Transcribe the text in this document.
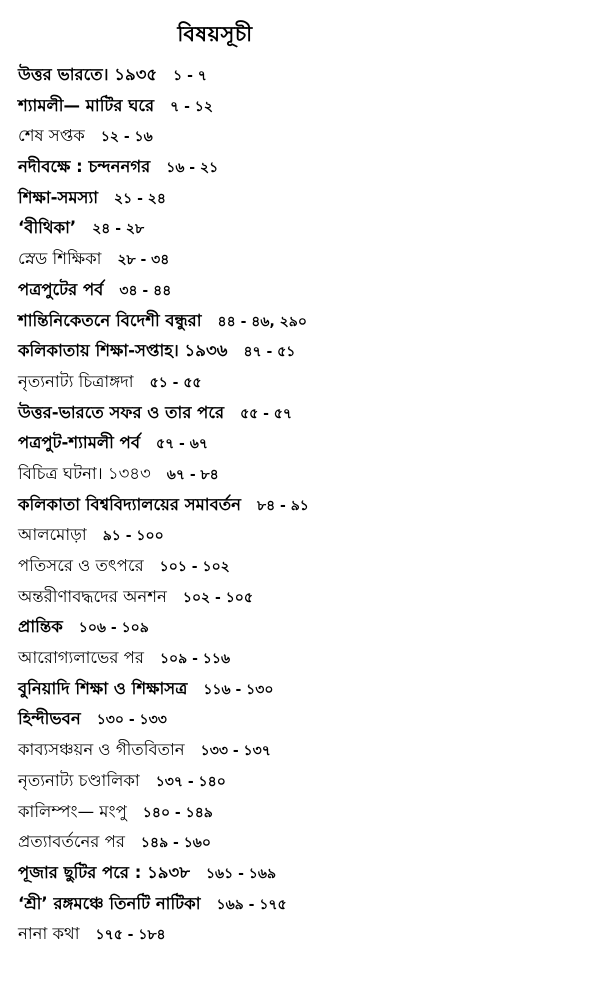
বিষয়সূচী
উত্তর ভারতে। ১৯৩৫ ১ - ৭
শ্যামলী— মাটির ঘরে ৭ - ১২
শেষ সপ্তক ১২ - ১৬
নদীবক্ষে : চন্দননগর ১৬ - ২১
শিক্ষা-সমস্যা ২১ - ২৪
‘বীথিকা’ ২৪ - ২৮
স্নেড শিক্ষিকা ২৮ - ৩৪
পত্রপুটের পর্ব ৩৪ - ৪৪
শান্তিনিকেতনে বিদেশী বন্ধুরা ৪৪ - ৪৬, ২৯০
কলিকাতায় শিক্ষা-সপ্তাহ। ১৯৩৬ ৪৭ - ৫১
নৃত্যনাট্য চিত্রাঙ্গদা ৫১ - ৫৫
উত্তর-ভারতে সফর ও তার পরে ৫৫ - ৫৭
পত্রপুট-শ্যামলী পর্ব ৫৭ - ৬৭
বিচিত্র ঘটনা। ১৩৪৩ ৬৭ - ৮৪
কলিকাতা বিশ্ববিদ্যালয়ের সমাবর্তন ৮৪ - ৯১
আলমোড়া ৯১ - ১০০
পতিসরে ও তৎপরে ১০১ - ১০২
অন্তরীণাবদ্ধদের অনশন ১০২ - ১০৫
প্রান্তিক ১০৬ - ১০৯
আরোগ্যলাভের পর ১০৯ - ১১৬
বুনিয়াদি শিক্ষা ও শিক্ষাসত্র ১১৬ - ১৩০
হিন্দীভবন ১৩০ - ১৩৩
কাব্যসঞ্চয়ন ও গীতবিতান ১৩৩ - ১৩৭
নৃত্যনাট্য চণ্ডালিকা ১৩৭ - ১৪০
কালিম্পং— মংপু ১৪০ - ১৪৯
প্রত্যাবর্তনের পর ১৪৯ - ১৬০
পূজার ছুটির পরে : ১৯৩৮ ১৬১ - ১৬৯
‘শ্রী’ রঙ্গমঞ্চে তিনটি নাটিকা ১৬৯ - ১৭৫
নানা কথা ১৭৫ - ১৮৪
